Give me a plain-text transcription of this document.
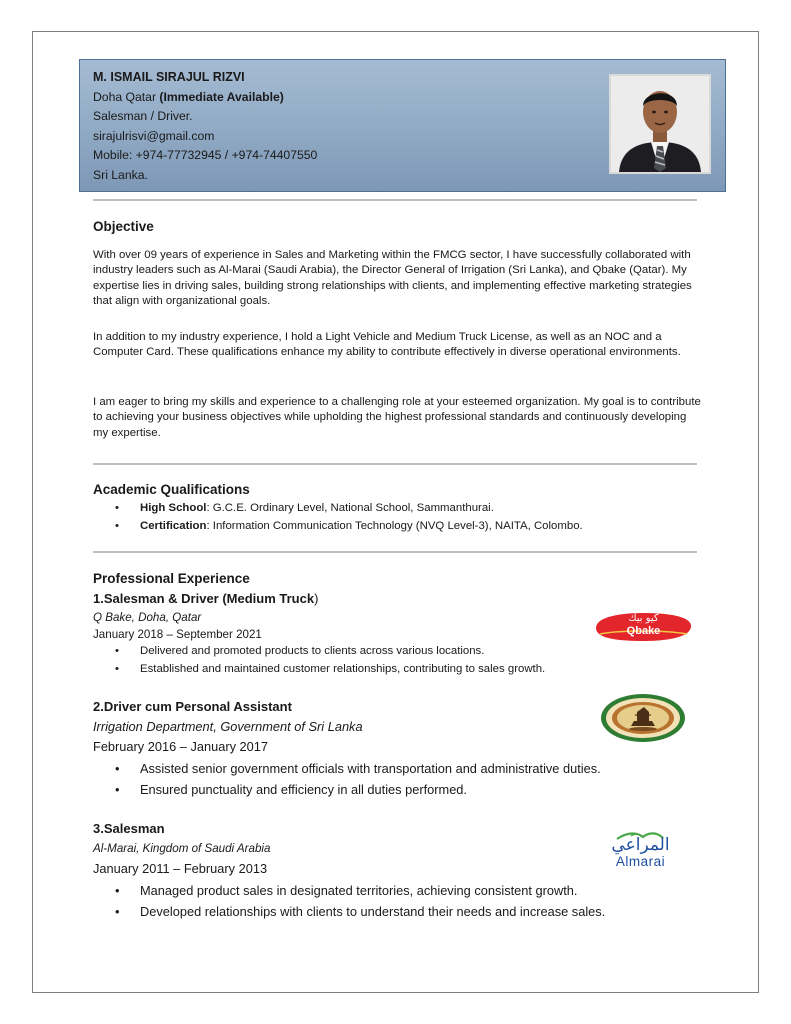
M. ISMAIL SIRAJUL RIZVI
Doha Qatar (Immediate Available)
Salesman / Driver.
sirajulrisvi@gmail.com
Mobile: +974-77732945 / +974-74407550
Sri Lanka.
Objective

With over 09 years of experience in Sales and Marketing within the FMCG sector, I have successfully collaborated with industry leaders such as Al-Marai (Saudi Arabia), the Director General of Irrigation (Sri Lanka), and Qbake (Qatar). My expertise lies in driving sales, building strong relationships with clients, and implementing effective marketing strategies that align with organizational goals.

In addition to my industry experience, I hold a Light Vehicle and Medium Truck License, as well as an NOC and a Computer Card. These qualifications enhance my ability to contribute effectively in diverse operational environments.

I am eager to bring my skills and experience to a challenging role at your esteemed organization. My goal is to contribute to achieving your business objectives while upholding the highest professional standards and continuously developing my expertise.

Academic Qualifications
• High School: G.C.E. Ordinary Level, National School, Sammanthurai.
• Certification: Information Communication Technology (NVQ Level-3), NAITA, Colombo.
Professional Experience
1.Salesman & Driver (Medium Truck)
Q Bake, Doha, Qatar
January 2018 – September 2021
• Delivered and promoted products to clients across various locations.
• Established and maintained customer relationships, contributing to sales growth.
كيو بيك
Qbake
2.Driver cum Personal Assistant
Irrigation Department, Government of Sri Lanka
February 2016 – January 2017
• Assisted senior government officials with transportation and administrative duties.
• Ensured punctuality and efficiency in all duties performed.
3.Salesman
Al-Marai, Kingdom of Saudi Arabia
January 2011 – February 2013
• Managed product sales in designated territories, achieving consistent growth.
• Developed relationships with clients to understand their needs and increase sales.
المراعي
Almarai
